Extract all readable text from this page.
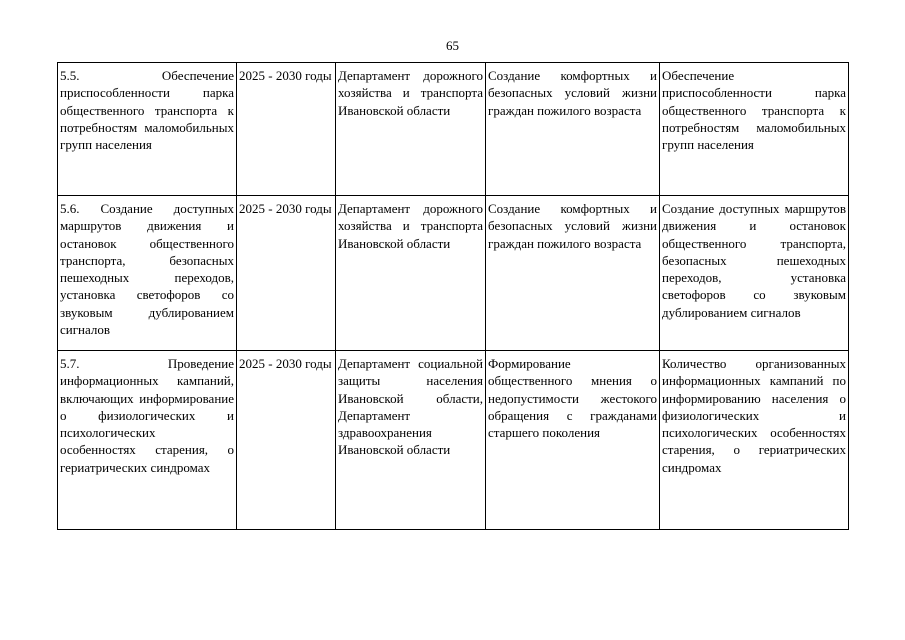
65
5.5. Обеспечение приспособленности парка общественного транспорта к потребностям маломобильных групп населения	2025 - 2030 годы	Департамент дорожного хозяйства и транспорта Ивановской области	Создание комфортных и безопасных условий жизни граждан пожилого возраста	Обеспечение приспособленности парка общественного транспорта к потребностям маломобильных групп населения
5.6. Создание доступных маршрутов движения и остановок общественного транспорта, безопасных пешеходных переходов, установка светофоров со звуковым дублированием сигналов	2025 - 2030 годы	Департамент дорожного хозяйства и транспорта Ивановской области	Создание комфортных и безопасных условий жизни граждан пожилого возраста	Создание доступных маршрутов движения и остановок общественного транспорта, безопасных пешеходных переходов, установка светофоров со звуковым дублированием сигналов
5.7. Проведение информационных кампаний, включающих информирование о физиологических и психологических особенностях старения, о гериатрических синдромах	2025 - 2030 годы	Департамент социальной защиты населения Ивановской области, Департамент здравоохранения Ивановской области	Формирование общественного мнения о недопустимости жестокого обращения с гражданами старшего поколения	Количество организованных информационных кампаний по информированию населения о физиологических и психологических особенностях старения, о гериатрических синдромах
